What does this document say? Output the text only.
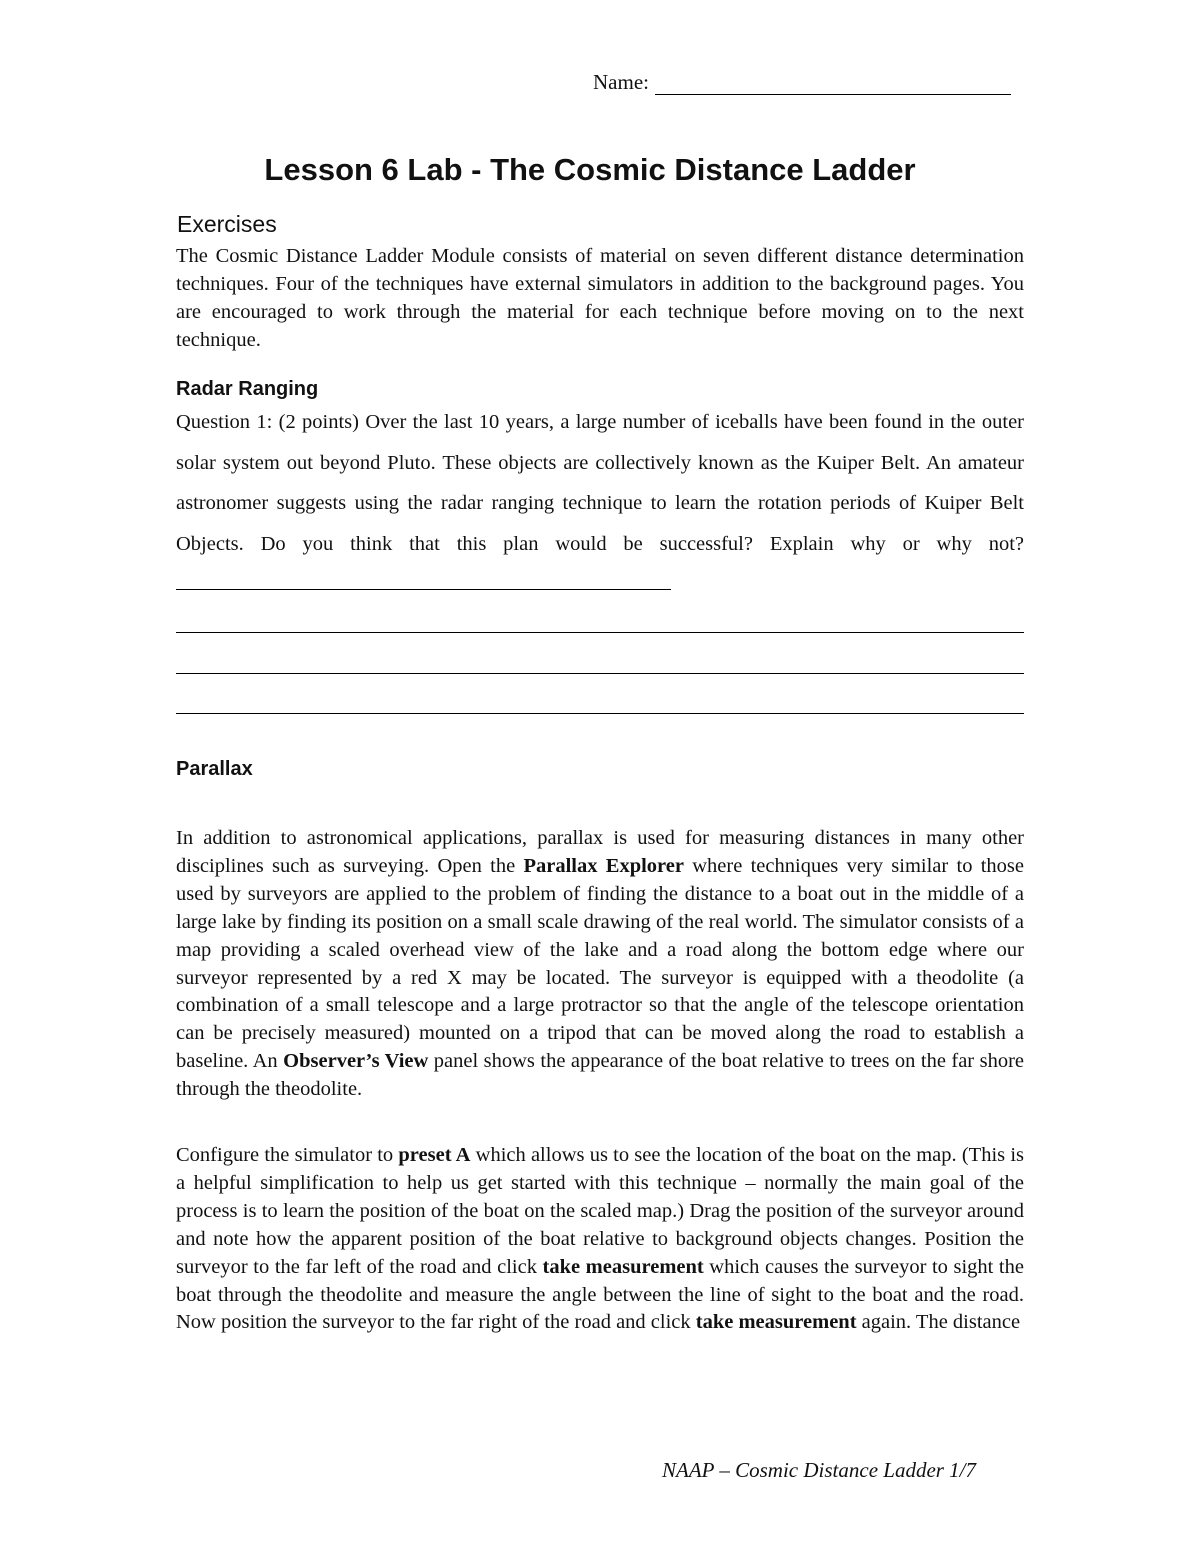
Name:
Lesson 6 Lab - The Cosmic Distance Ladder
Exercises

The Cosmic Distance Ladder Module consists of material on seven different distance determination techniques. Four of the techniques have external simulators in addition to the background pages. You are encouraged to work through the material for each technique before moving on to the next technique.

Radar Ranging

Question 1: (2 points) Over the last 10 years, a large number of iceballs have been found in the outer solar system out beyond Pluto. These objects are collectively known as the Kuiper Belt. An amateur astronomer suggests using the radar ranging technique to learn the rotation periods of Kuiper Belt Objects. Do you think that this plan would be successful? Explain why or why not?

Parallax

In addition to astronomical applications, parallax is used for measuring distances in many other disciplines such as surveying. Open the Parallax Explorer where techniques very similar to those used by surveyors are applied to the problem of finding the distance to a boat out in the middle of a large lake by finding its position on a small scale drawing of the real world. The simulator consists of a map providing a scaled overhead view of the lake and a road along the bottom edge where our surveyor represented by a red X may be located. The surveyor is equipped with a theodolite (a combination of a small telescope and a large protractor so that the angle of the telescope orientation can be precisely measured) mounted on a tripod that can be moved along the road to establish a baseline. An Observer’s View panel shows the appearance of the boat relative to trees on the far shore through the theodolite.

Configure the simulator to preset A which allows us to see the location of the boat on the map. (This is a helpful simplification to help us get started with this technique – normally the main goal of the process is to learn the position of the boat on the scaled map.) Drag the position of the surveyor around and note how the apparent position of the boat relative to background objects changes. Position the surveyor to the far left of the road and click take measurement which causes the surveyor to sight the boat through the theodolite and measure the angle between the line of sight to the boat and the road. Now position the surveyor to the far right of the road and click take measurement again. The distance

NAAP – Cosmic Distance Ladder 1/7
